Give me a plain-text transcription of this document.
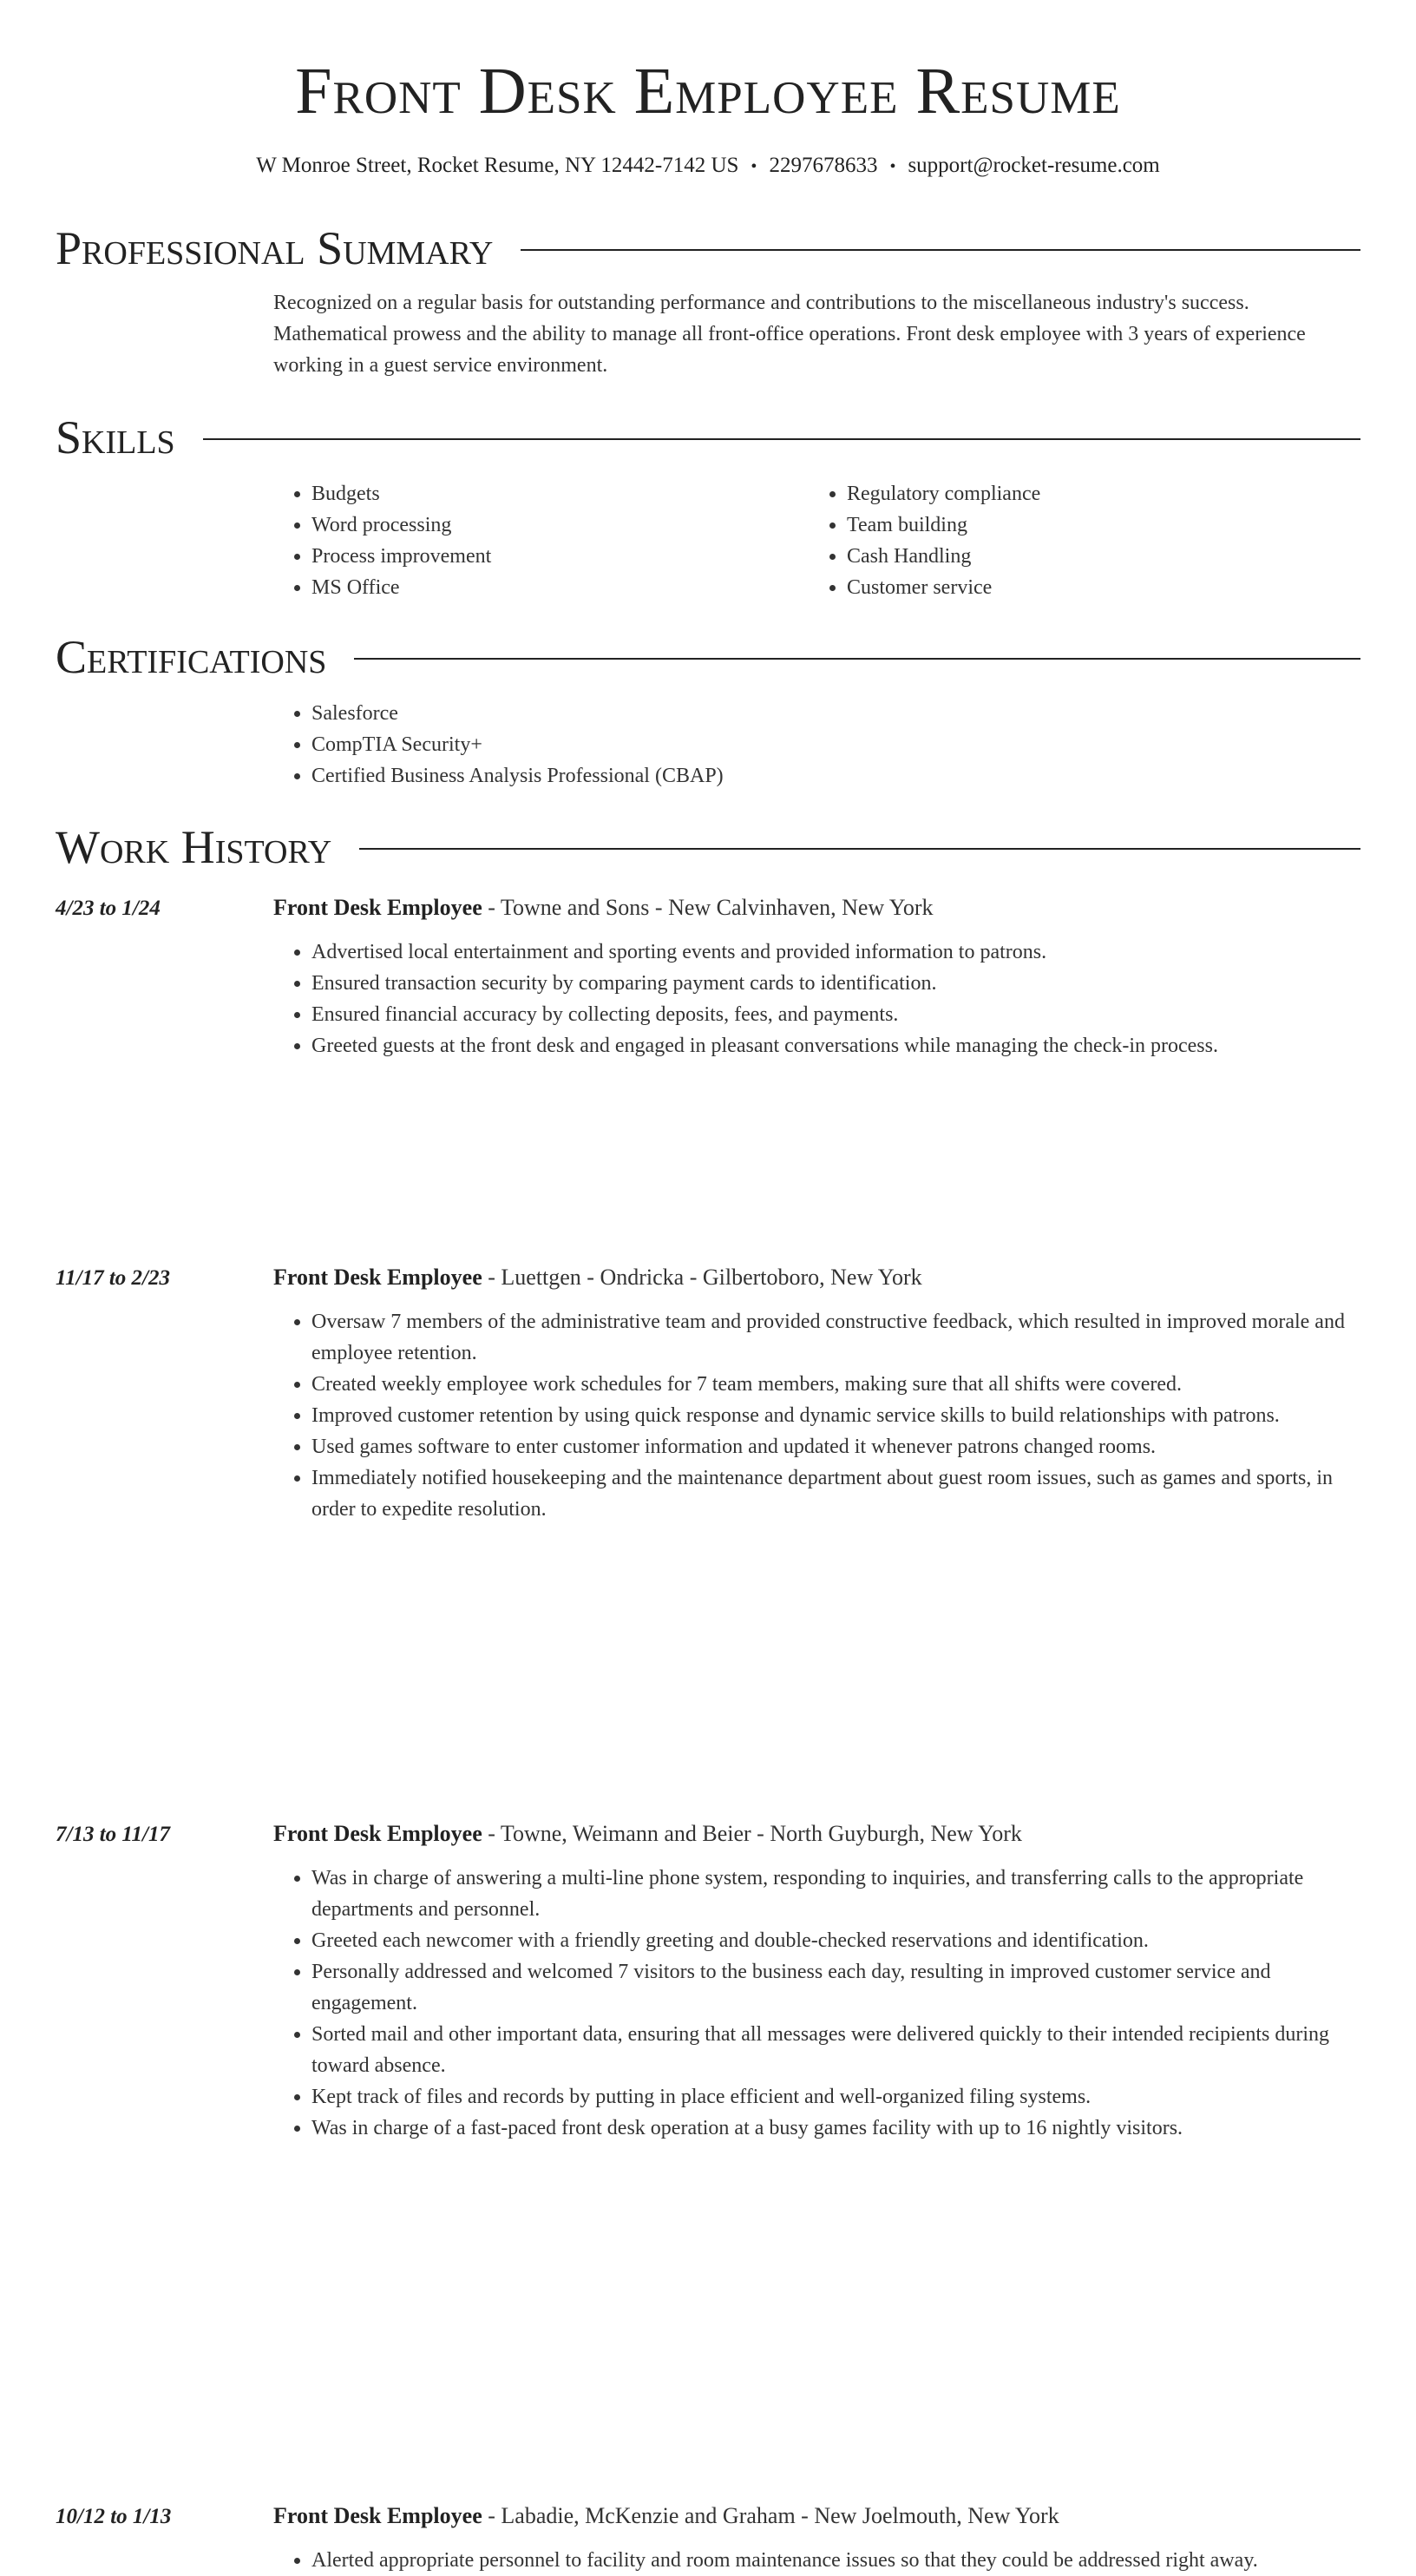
Front Desk Employee Resume
W Monroe Street, Rocket Resume, NY 12442-7142 US • 2297678633 • support@rocket-resume.com
Professional Summary
Recognized on a regular basis for outstanding performance and contributions to the miscellaneous industry's success. Mathematical prowess and the ability to manage all front-office operations. Front desk employee with 3 years of experience working in a guest service environment.
Skills
• Budgets
• Word processing
• Process improvement
• MS Office
• Regulatory compliance
• Team building
• Cash Handling
• Customer service
Certifications
• Salesforce
• CompTIA Security+
• Certified Business Analysis Professional (CBAP)
Work History
4/23 to 1/24	Front Desk Employee - Towne and Sons - New Calvinhaven, New York
• Advertised local entertainment and sporting events and provided information to patrons.
• Ensured transaction security by comparing payment cards to identification.
• Ensured financial accuracy by collecting deposits, fees, and payments.
• Greeted guests at the front desk and engaged in pleasant conversations while managing the check-in process.
11/17 to 2/23	Front Desk Employee - Luettgen - Ondricka - Gilbertoboro, New York
• Oversaw 7 members of the administrative team and provided constructive feedback, which resulted in improved morale and employee retention.
• Created weekly employee work schedules for 7 team members, making sure that all shifts were covered.
• Improved customer retention by using quick response and dynamic service skills to build relationships with patrons.
• Used games software to enter customer information and updated it whenever patrons changed rooms.
• Immediately notified housekeeping and the maintenance department about guest room issues, such as games and sports, in order to expedite resolution.
7/13 to 11/17	Front Desk Employee - Towne, Weimann and Beier - North Guyburgh, New York
• Was in charge of answering a multi-line phone system, responding to inquiries, and transferring calls to the appropriate departments and personnel.
• Greeted each newcomer with a friendly greeting and double-checked reservations and identification.
• Personally addressed and welcomed 7 visitors to the business each day, resulting in improved customer service and engagement.
• Sorted mail and other important data, ensuring that all messages were delivered quickly to their intended recipients during toward absence.
• Kept track of files and records by putting in place efficient and well-organized filing systems.
• Was in charge of a fast-paced front desk operation at a busy games facility with up to 16 nightly visitors.
10/12 to 1/13	Front Desk Employee - Labadie, McKenzie and Graham - New Joelmouth, New York
• Alerted appropriate personnel to facility and room maintenance issues so that they could be addressed right away.
